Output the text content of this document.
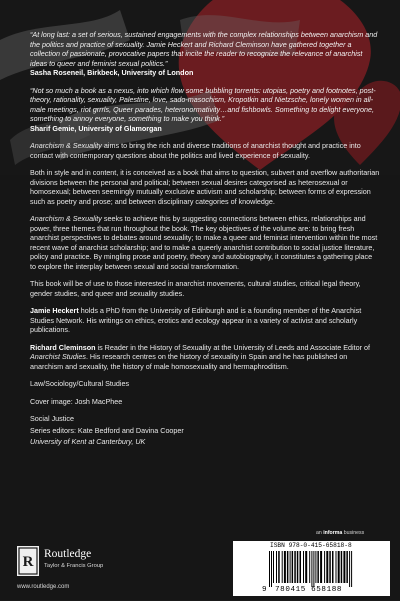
“At long last: a set of serious, sustained engagements with the complex relationships between anarchism and the politics and practice of sexuality. Jamie Heckert and Richard Cleminson have gathered together a collection of passionate, provocative papers that incite the reader to recognize the relevance of anarchist ideas to queer and feminist sexual politics.”

Sasha Roseneil, Birkbeck, University of London

“Not so much a book as a nexus, into which flow some bubbling torrents: utopias, poetry and footnotes, post-theory, rationality, sexuality, Palestine, love, sado-masochism, Kropotkin and Nietzsche, lonely women in all-male meetings, riot grrrls, Queer parades, heteronormativity…and fishbowls. Something to delight everyone, something to annoy everyone, something to make you think.”

Sharif Gemie, University of Glamorgan

Anarchism & Sexuality aims to bring the rich and diverse traditions of anarchist thought and practice into contact with contemporary questions about the politics and lived experience of sexuality.

Both in style and in content, it is conceived as a book that aims to question, subvert and overflow authoritarian divisions between the personal and political; between sexual desires categorised as heterosexual or homosexual; between seemingly mutually exclusive activism and scholarship; between forms of expression such as poetry and prose; and between disciplinary categories of knowledge.

Anarchism & Sexuality seeks to achieve this by suggesting connections between ethics, relationships and power, three themes that run throughout the book. The key objectives of the volume are: to bring fresh anarchist perspectives to debates around sexuality; to make a queer and feminist intervention within the most recent wave of anarchist scholarship; and to make a queerly anarchist contribution to social justice literature, policy and practice. By mingling prose and poetry, theory and autobiography, it constitutes a gathering place to explore the interplay between sexual and social transformation.

This book will be of use to those interested in anarchist movements, cultural studies, critical legal theory, gender studies, and queer and sexuality studies.

Jamie Heckert holds a PhD from the University of Edinburgh and is a founding member of the Anarchist Studies Network. His writings on ethics, erotics and ecology appear in a variety of activist and scholarly publications.

Richard Cleminson is Reader in the History of Sexuality at the University of Leeds and Associate Editor of Anarchist Studies. His research centres on the history of sexuality in Spain and he has published on anarchism and sexuality, the history of male homosexuality and hermaphroditism.

Law/Sociology/Cultural Studies

Cover image: Josh MacPhee

Social Justice

Series editors: Kate Bedford and Davina Cooper

University of Kent at Canterbury, UK

an informa business
R Routledge
Taylor & Francis Group
www.routledge.com
ISBN 978-0-415-65818-8
9 780415 658188
